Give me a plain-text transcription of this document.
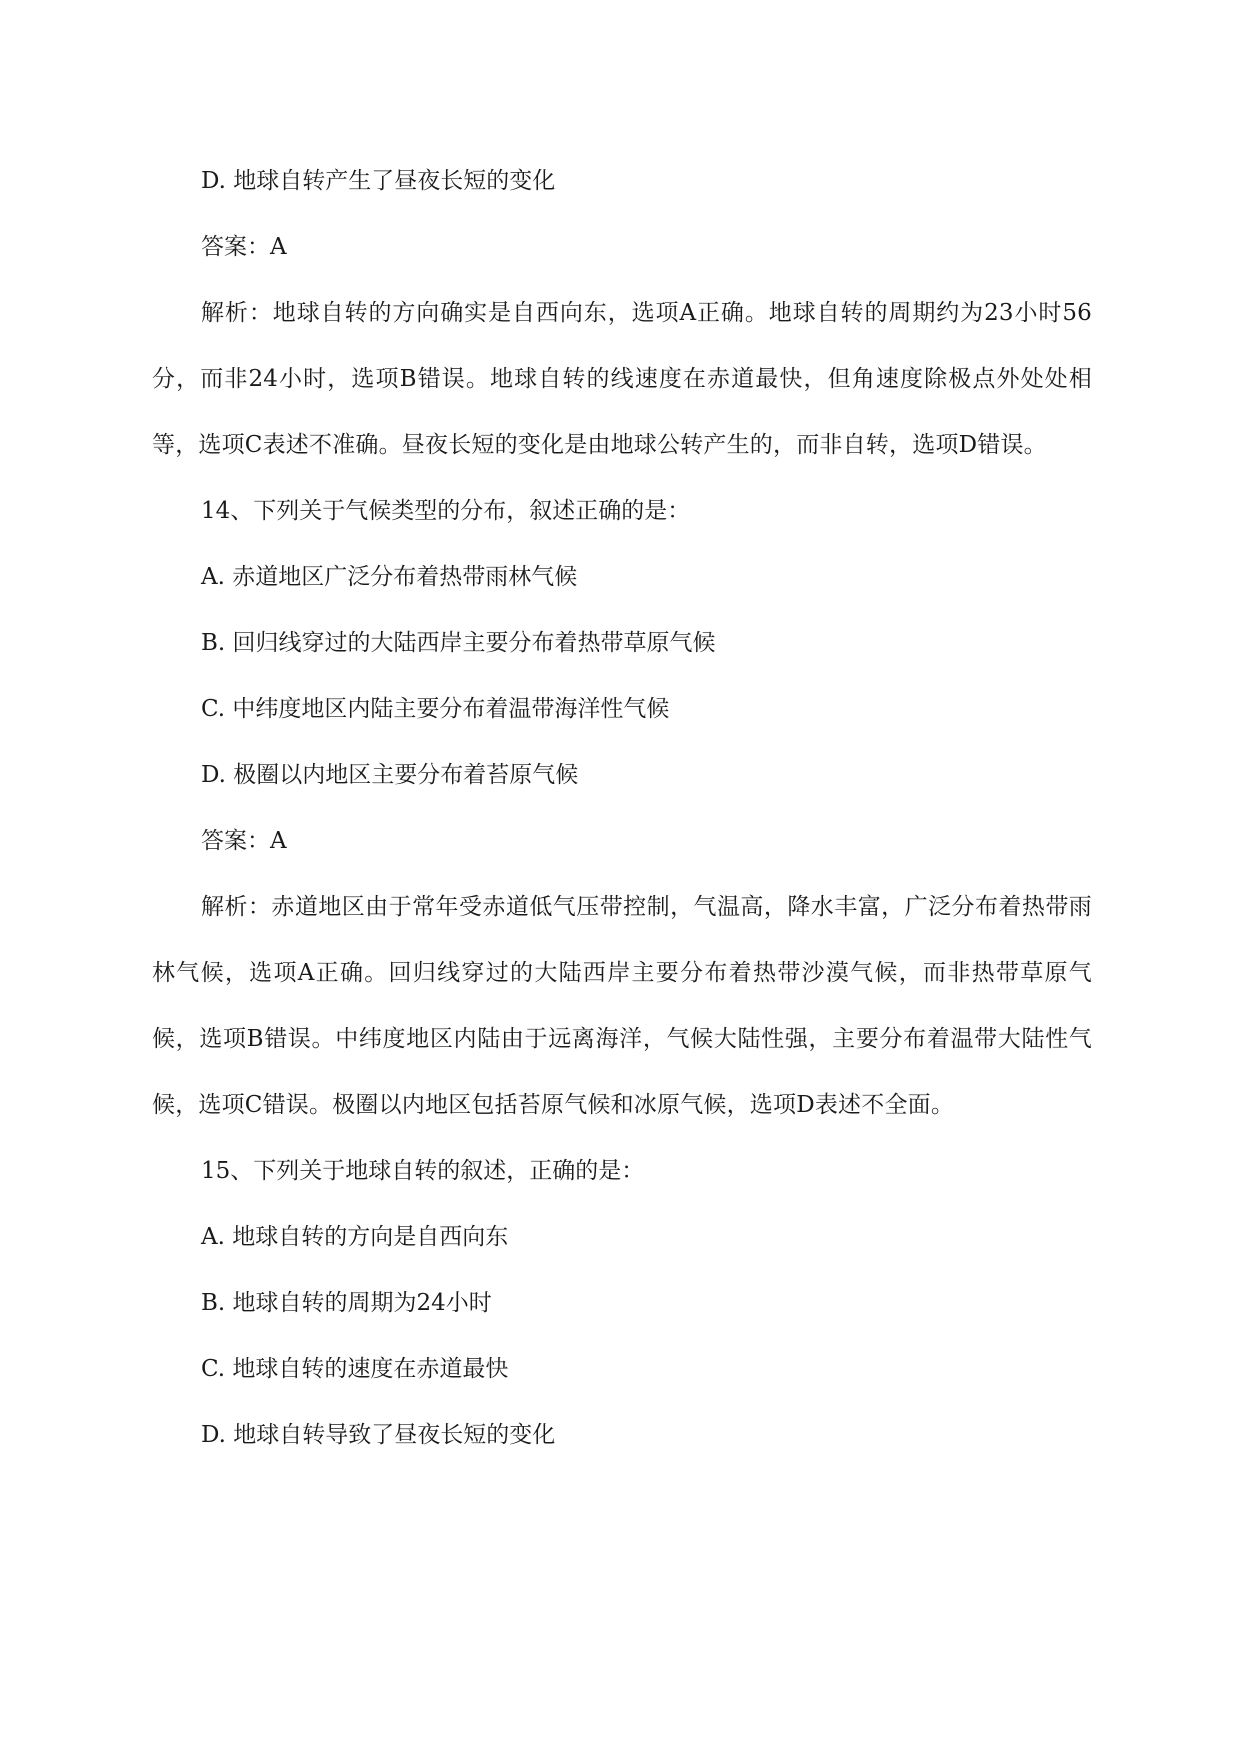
D. 地球自转产生了昼夜长短的变化

答案：A

解析：地球自转的方向确实是自西向东，选项A正确。地球自转的周期约为23小时56分，而非24小时，选项B错误。地球自转的线速度在赤道最快，但角速度除极点外处处相等，选项C表述不准确。昼夜长短的变化是由地球公转产生的，而非自转，选项D错误。

14、下列关于气候类型的分布，叙述正确的是：

A. 赤道地区广泛分布着热带雨林气候

B. 回归线穿过的大陆西岸主要分布着热带草原气候

C. 中纬度地区内陆主要分布着温带海洋性气候

D. 极圈以内地区主要分布着苔原气候

答案：A

解析：赤道地区由于常年受赤道低气压带控制，气温高，降水丰富，广泛分布着热带雨林气候，选项A正确。回归线穿过的大陆西岸主要分布着热带沙漠气候，而非热带草原气候，选项B错误。中纬度地区内陆由于远离海洋，气候大陆性强，主要分布着温带大陆性气候，选项C错误。极圈以内地区包括苔原气候和冰原气候，选项D表述不全面。

15、下列关于地球自转的叙述，正确的是：

A. 地球自转的方向是自西向东

B. 地球自转的周期为24小时

C. 地球自转的速度在赤道最快

D. 地球自转导致了昼夜长短的变化
